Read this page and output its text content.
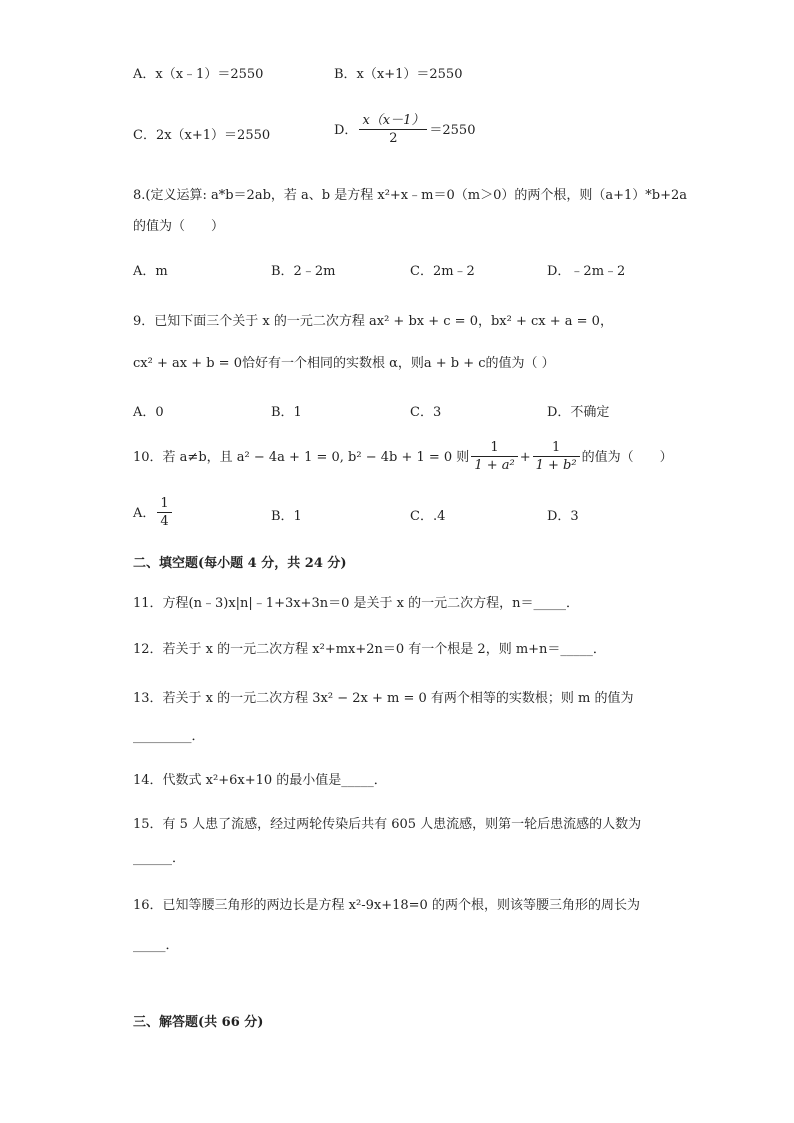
A．x（x﹣1）＝2550	B．x（x+1）＝2550
C．2x（x+1）＝2550	D． $\frac{x(x-1)}{2} =2550$
8.(定义运算: a*b＝2ab，若 a、b 是方程 x²+x﹣m＝0（m＞0）的两个根，则（a+1）*b+2a
的值为（　　）
A．m	B．2﹣2m	C．2m﹣2	D．﹣2m﹣2
9．已知下面三个关于 x 的一元二次方程 ax² + bx + c = 0，bx² + cx + a = 0，
cx² + ax + b = 0恰好有一个相同的实数根 α，则a + b + c的值为（ ）
A．0	B．1	C．3	D．不确定
10．若 a≠b，且 a² − 4a + 1 = 0, b² − 4b + 1 = 0 则 $\frac{1}{\text{1 + a²}} + \frac{1}{\text{1 + b²}}$ 的值为（　　）
A． $\frac{1}{4}$	B．1	C．.4	D．3
二、填空题(每小题 4 分，共 24 分)
11．方程(n﹣3)x|n|﹣1+3x+3n＝0 是关于 x 的一元二次方程，n＝_____．
12．若关于 x 的一元二次方程 x²+mx+2n＝0 有一个根是 2，则 m+n＝_____．
13．若关于 x 的一元二次方程 3x² − 2x + m = 0 有两个相等的实数根；则 m 的值为
_________．
14．代数式 x²+6x+10 的最小值是_____．
15．有 5 人患了流感，经过两轮传染后共有 605 人患流感，则第一轮后患流感的人数为
______．
16．已知等腰三角形的两边长是方程 x²-9x+18=0 的两个根，则该等腰三角形的周长为
_____．
三、解答题(共 66 分)
